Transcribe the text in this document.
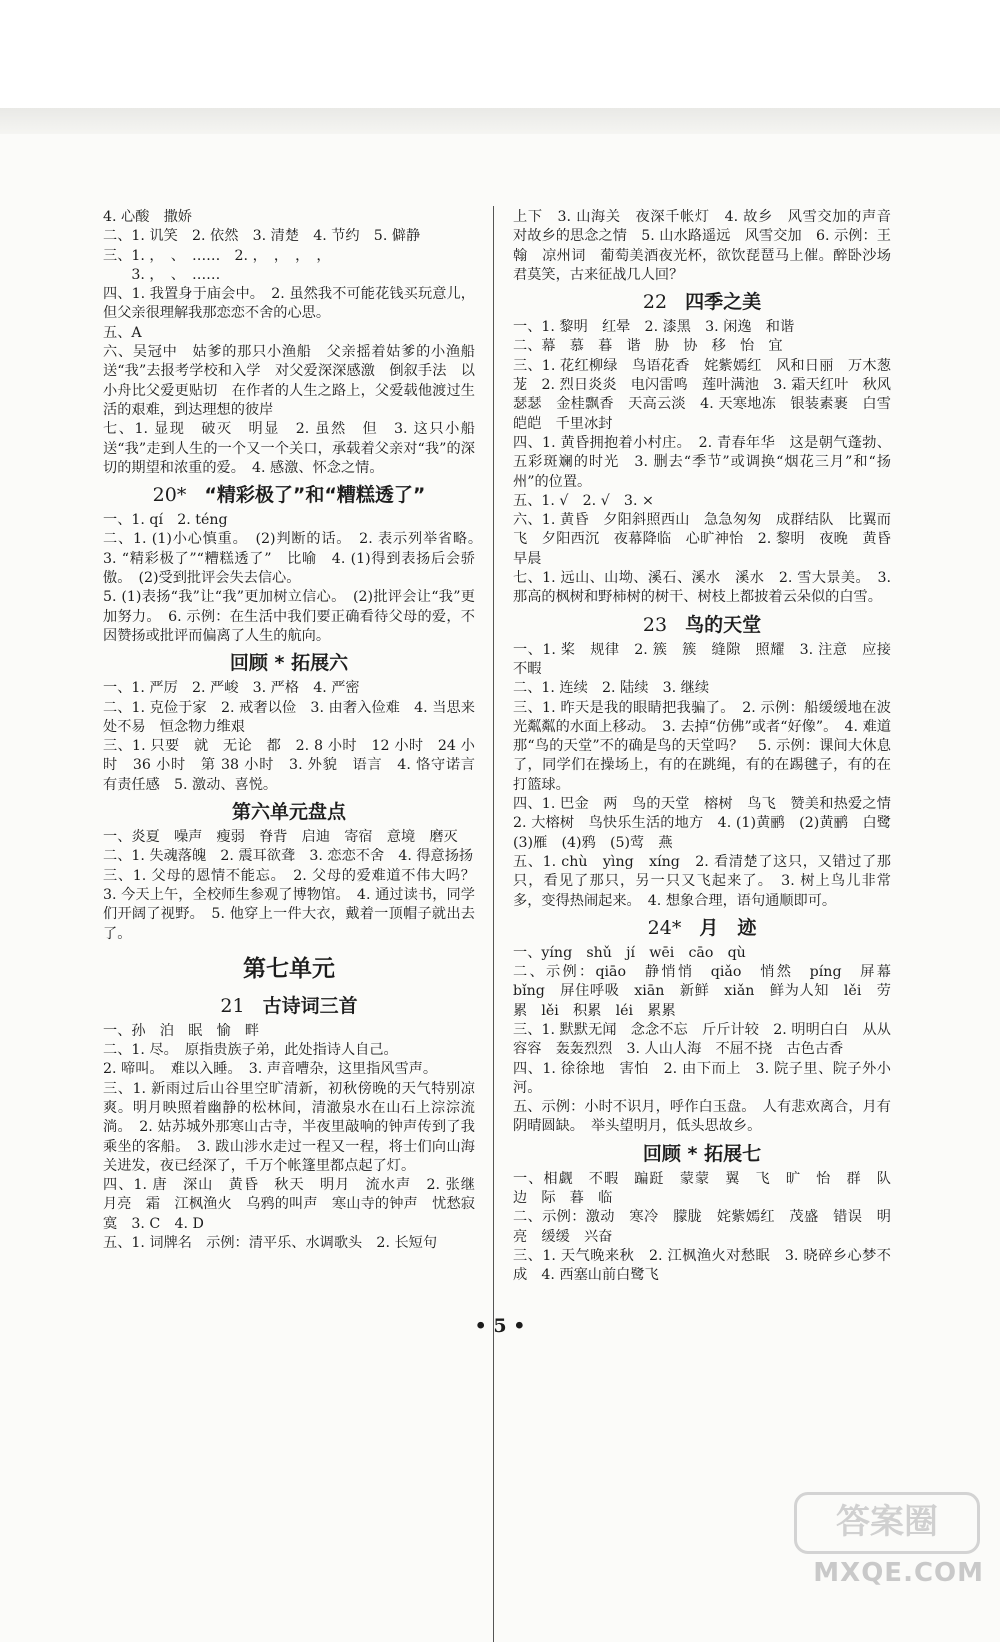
4. 心酸　撒娇

二、1. 讥笑　2. 依然　3. 清楚　4. 节约　5. 僻静

三、1. ，　、　……　2. ，　，　，　，

　　3. ，　、　……

四、1. 我置身于庙会中。　2. 虽然我不可能花钱买玩意儿，但父亲很理解我那恋恋不舍的心思。

五、A

六、吴冠中　姑爹的那只小渔船　父亲摇着姑爹的小渔船送“我”去报考学校和入学　对父爱深深感激　倒叙手法　以小舟比父爱更贴切　在作者的人生之路上，父爱载他渡过生活的艰难，到达理想的彼岸

七、1. 显现　破灭　明显　2. 虽然　但　3. 这只小船送“我”走到人生的一个又一个关口，承载着父亲对“我”的深切的期望和浓重的爱。　4. 感激、怀念之情。

20* “精彩极了”和“糟糕透了”

一、1. qí　2. téng

二、1. (1)小心慎重。　(2)判断的话。　2. 表示列举省略。　3. “精彩极了”“糟糕透了”　比喻　4. (1)得到表扬后会骄傲。　(2)受到批评会失去信心。

5. (1)表扬“我”让“我”更加树立信心。　(2)批评会让“我”更加努力。　6. 示例：在生活中我们要正确看待父母的爱，不因赞扬或批评而偏离了人生的航向。

回顾 * 拓展六

一、1. 严厉　2. 严峻　3. 严格　4. 严密

二、1. 克俭于家　2. 戒奢以俭　3. 由奢入俭难　4. 当思来处不易　恒念物力维艰

三、1. 只要　就　无论　都　2. 8 小时　12 小时　24 小时　36 小时　第 38 小时　3. 外貌　语言　4. 恪守诺言　有责任感　5. 激动、喜悦。

第六单元盘点

一、炎夏　噪声　瘦弱　脊背　启迪　寄宿　意境　磨灭

二、1. 失魂落魄　2. 震耳欲聋　3. 恋恋不舍　4. 得意扬扬

三、1. 父母的恩情不能忘。　2. 父母的爱难道不伟大吗？　3. 今天上午，全校师生参观了博物馆。　4. 通过读书，同学们开阔了视野。　5. 他穿上一件大衣，戴着一顶帽子就出去了。

第七单元
21 古诗词三首

一、孙　泊　眠　愉　畔

二、1. 尽。　原指贵族子弟，此处指诗人自己。

2. 啼叫。　难以入睡。　3. 声音嘈杂，这里指风雪声。

三、1. 新雨过后山谷里空旷清新，初秋傍晚的天气特别凉爽。明月映照着幽静的松林间，清澈泉水在山石上淙淙流淌。　2. 姑苏城外那寒山古寺，半夜里敲响的钟声传到了我乘坐的客船。　3. 跋山涉水走过一程又一程，将士们向山海关进发，夜已经深了，千万个帐篷里都点起了灯。

四、1. 唐　深山　黄昏　秋天　明月　流水声　2. 张继　月亮　霜　江枫渔火　乌鸦的叫声　寒山寺的钟声　忧愁寂寞　3. C　4. D

五、1. 词牌名　示例：清平乐、水调歌头　2. 长短句

上下　3. 山海关　夜深千帐灯　4. 故乡　风雪交加的声音　对故乡的思念之情　5. 山水路遥远　风雪交加　6. 示例：王翰　凉州词　葡萄美酒夜光杯，欲饮琵琶马上催。醉卧沙场君莫笑，古来征战几人回？

22 四季之美

一、1. 黎明　红晕　2. 漆黑　3. 闲逸　和谐

二、幕　慕　暮　谐　胁　协　移　怡　宜

三、1. 花红柳绿　鸟语花香　姹紫嫣红　风和日丽　万木葱茏　2. 烈日炎炎　电闪雷鸣　莲叶满池　3. 霜天红叶　秋风瑟瑟　金桂飘香　天高云淡　4. 天寒地冻　银装素裹　白雪皑皑　千里冰封

四、1. 黄昏拥抱着小村庄。　2. 青春年华　这是朝气蓬勃、五彩斑斓的时光　3. 删去“季节”或调换“烟花三月”和“扬州”的位置。

五、1. √　2. √　3. ×

六、1. 黄昏　夕阳斜照西山　急急匆匆　成群结队　比翼而飞　夕阳西沉　夜幕降临　心旷神怡　2. 黎明　夜晚　黄昏　早晨

七、1. 远山、山坳、溪石、溪水　溪水　2. 雪大景美。　3. 那高的枫树和野柿树的树干、树枝上都披着云朵似的白雪。

23 鸟的天堂

一、1. 桨　规律　2. 簇　簇　缝隙　照耀　3. 注意　应接不暇

二、1. 连续　2. 陆续　3. 继续

三、1. 昨天是我的眼睛把我骗了。　2. 示例：船缓缓地在波光粼粼的水面上移动。　3. 去掉“仿佛”或者“好像”。　4. 难道那“鸟的天堂”不的确是鸟的天堂吗？　5. 示例：课间大休息了，同学们在操场上，有的在跳绳，有的在踢毽子，有的在打篮球。

四、1. 巴金　两　鸟的天堂　榕树　鸟飞　赞美和热爱之情　2. 大榕树　鸟快乐生活的地方　4. (1)黄鹂　(2)黄鹂　白鹭　(3)雁　(4)鸦　(5)莺　燕

五、1. chù　yìng　xíng　2. 看清楚了这只，又错过了那只，看见了那只，另一只又飞起来了。　3. 树上鸟儿非常多，变得热闹起来。　4. 想象合理，语句通顺即可。

24* 月　迹

一、yíng　shǔ　jí　wēi　cāo　qù

二、示例：qiāo　静悄悄　qiǎo　悄然　píng　屏幕　bǐng　屏住呼吸　xiān　新鲜　xiǎn　鲜为人知　lěi　劳累　lěi　积累　léi　累累

三、1. 默默无闻　念念不忘　斤斤计较　2. 明明白白　从从容容　轰轰烈烈　3. 人山人海　不屈不挠　古色古香

四、1. 徐徐地　害怕　2. 由下而上　3. 院子里、院子外小河。

五、示例：小时不识月，呼作白玉盘。　人有悲欢离合，月有阴晴圆缺。　举头望明月，低头思故乡。

回顾 * 拓展七

一、相觑　不暇　蹁跹　蒙蒙　翼　飞　旷　怡　群　队　边　际　暮　临

二、示例：激动　寒冷　朦胧　姹紫嫣红　茂盛　错误　明亮　缓缓　兴奋

三、1. 天气晚来秋　2. 江枫渔火对愁眠　3. 晓碎乡心梦不成　4. 西塞山前白鹭飞

• 5 •
答案圈
MXQE.COM
